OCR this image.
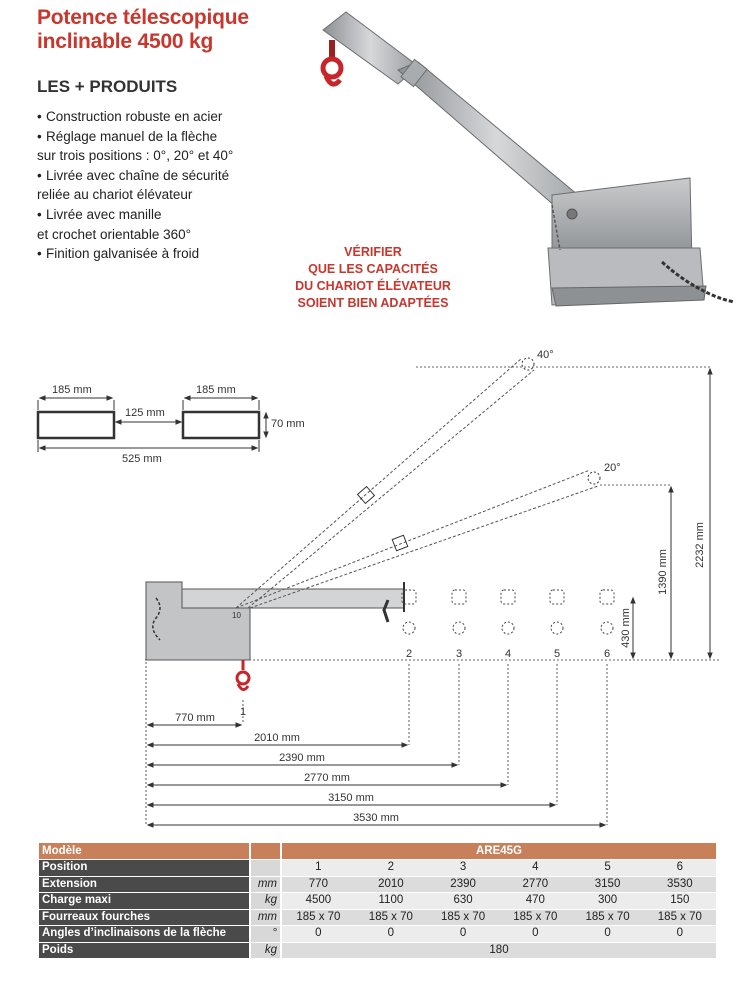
Potence télescopique
inclinable 4500 kg
LES + PRODUITS
• Construction robuste en acier
• Réglage manuel de la flèche
sur trois positions : 0°, 20° et 40°
• Livrée avec chaîne de sécurité
reliée au chariot élévateur
• Livrée avec manille
et crochet orientable 360°
• Finition galvanisée à froid	VÉRIFIER
QUE LES CAPACITÉS
DU CHARIOT ÉLÉVATEUR
SOIENT BIEN ADAPTÉES
185 mm	185 mm
125 mm
70 mm
525 mm
40°
20°
2232 mm
1390 mm
430 mm
10
1
2	3	4	5	6
770 mm
2010 mm
2390 mm
2770 mm
3150 mm
3530 mm
Modèle		ARE45G					
Position		1	2	3	4	5	6
Extension	mm	770	2010	2390	2770	3150	3530
Charge maxi	kg	4500	1100	630	470	300	150
Fourreaux fourches	mm	185 x 70	185 x 70	185 x 70	185 x 70	185 x 70	185 x 70
Angles d’inclinaisons de la flèche	°	0	0	0	0	0	0
Poids	kg	180					
